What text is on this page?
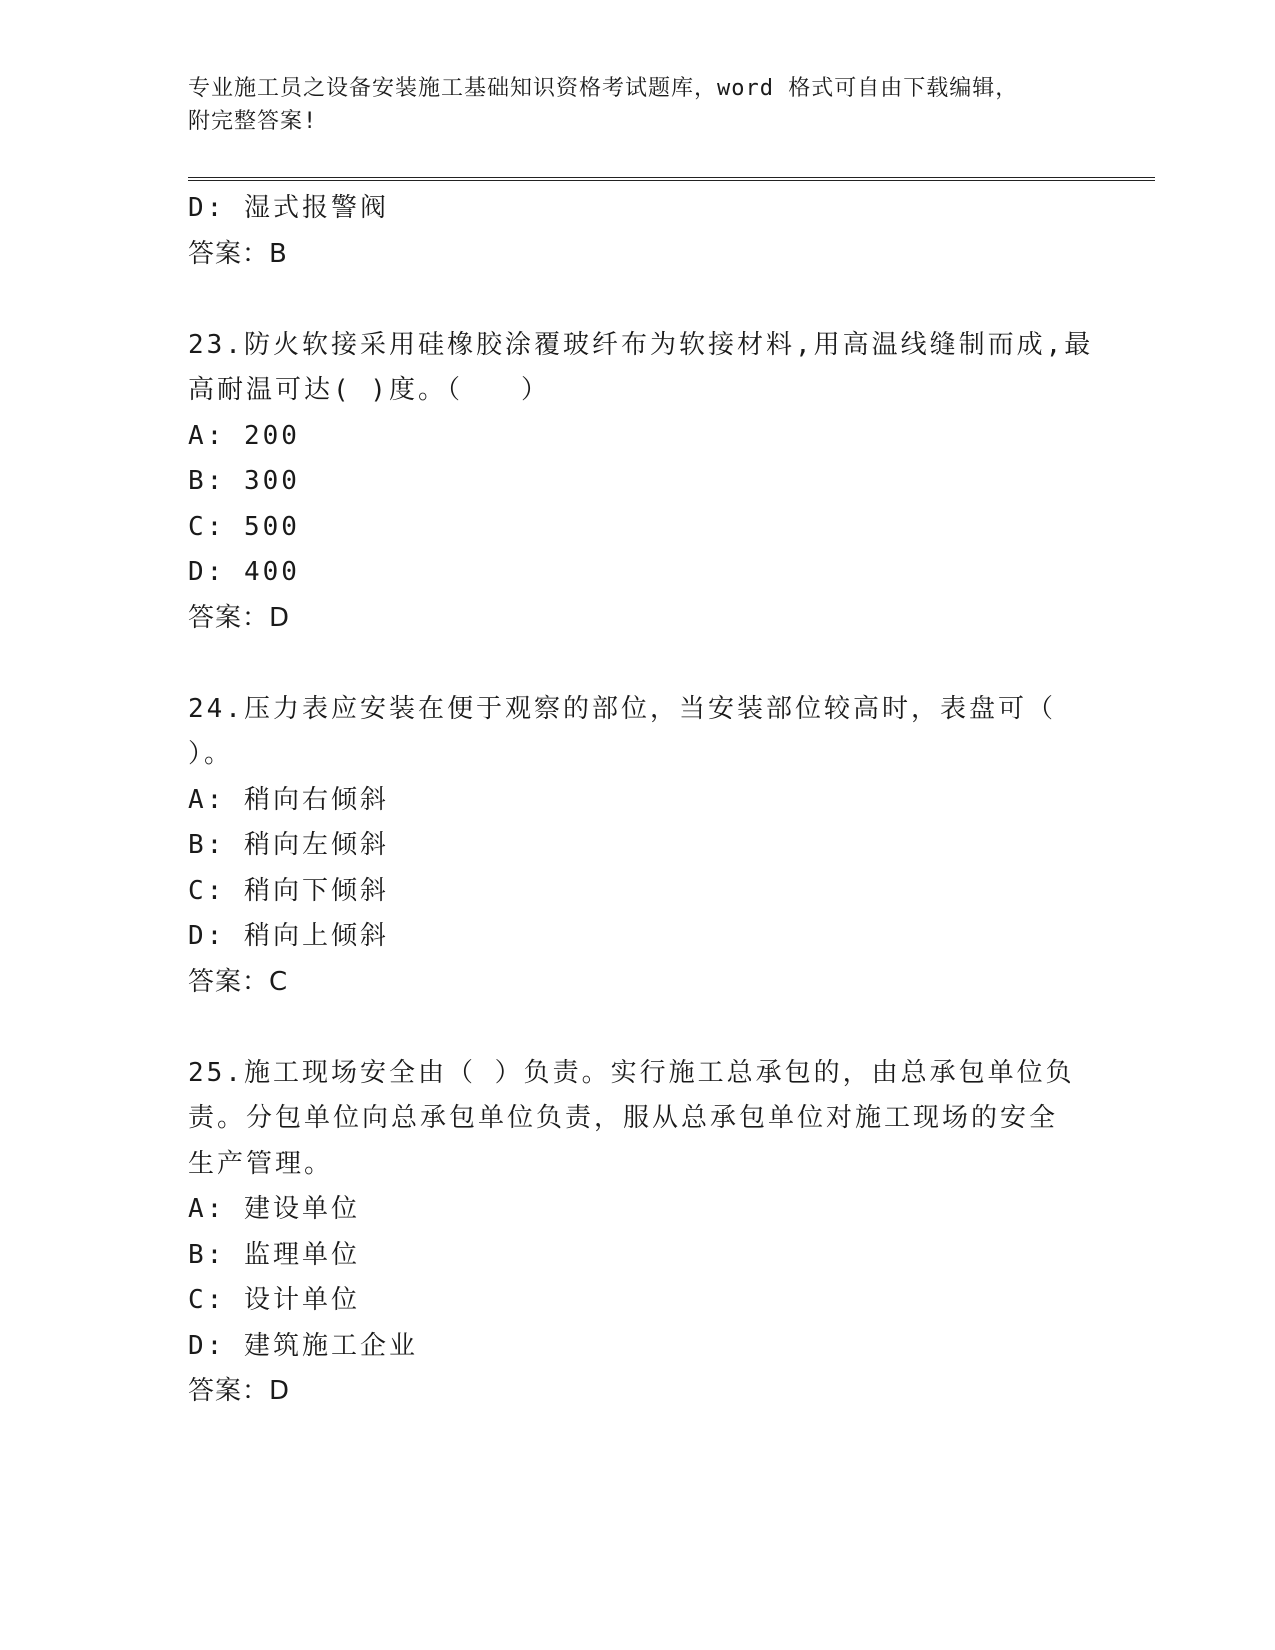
专业施工员之设备安装施工基础知识资格考试题库，word 格式可自由下载编辑，
附完整答案!
D: 湿式报警阀
答案：B
23.防火软接采用硅橡胶涂覆玻纤布为软接材料,用高温线缝制而成,最
高耐温可达( )度。（　　）
A: 200
B: 300
C: 500
D: 400
答案：D
24.压力表应安装在便于观察的部位，当安装部位较高时，表盘可（
）。
A: 稍向右倾斜
B: 稍向左倾斜
C: 稍向下倾斜
D: 稍向上倾斜
答案：C
25.施工现场安全由（ ）负责。实行施工总承包的，由总承包单位负
责。分包单位向总承包单位负责，服从总承包单位对施工现场的安全
生产管理。
A: 建设单位
B: 监理单位
C: 设计单位
D: 建筑施工企业
答案：D
